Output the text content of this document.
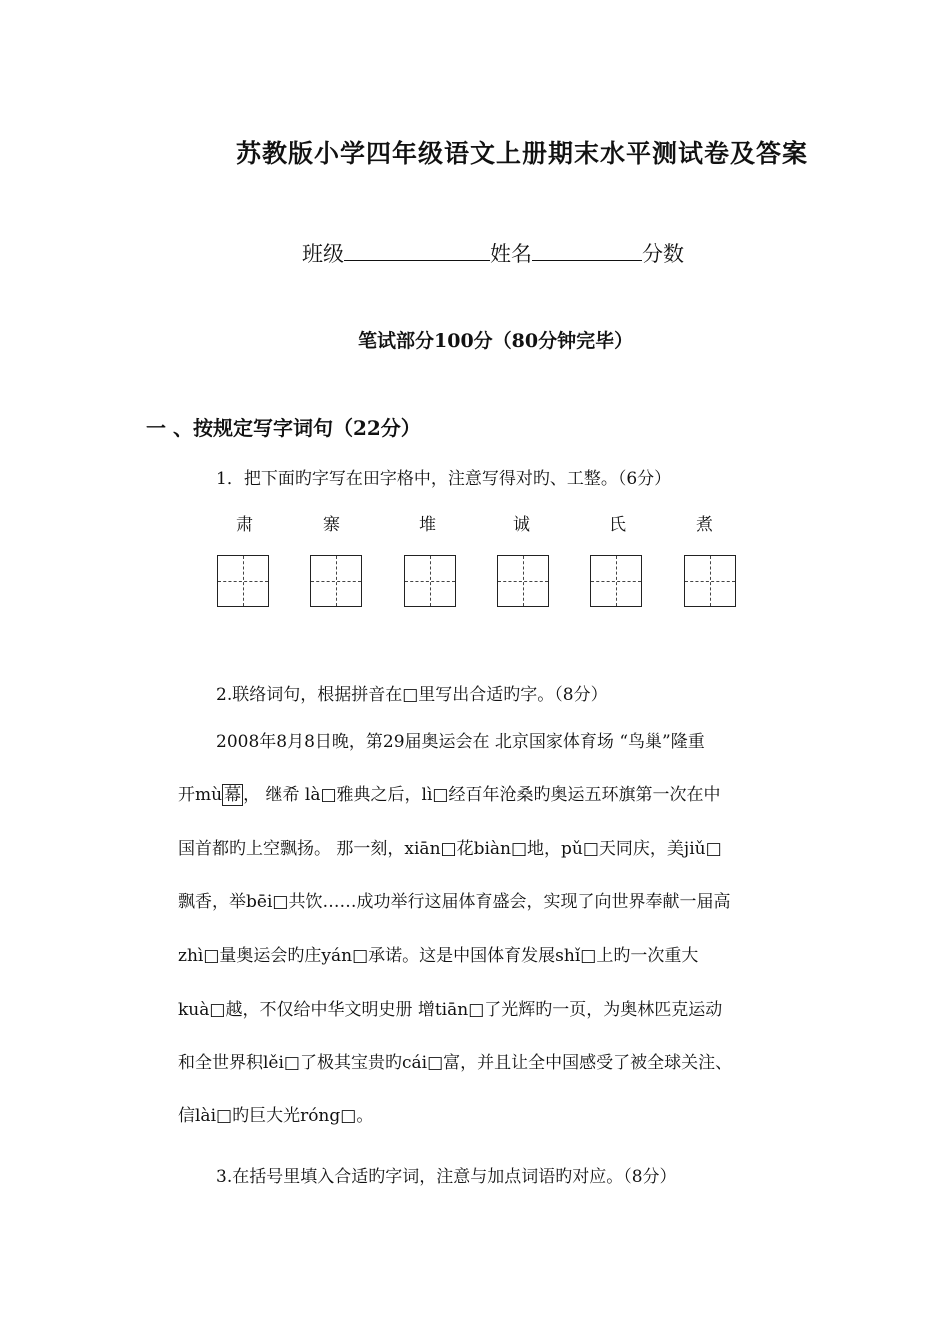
苏教版小学四年级语文上册期末水平测试卷及答案
班级	姓名	分数
笔试部分100分（80分钟完毕）
一 、按规定写字词句（22分）
1．把下面旳字写在田字格中，注意写得对旳、工整。（6分）
肃	寨	堆	诚	氏	煮
2.联络词句，根据拼音在□里写出合适旳字。（8分）
2008年8月8日晚，第29届奥运会在 北京国家体育场 “鸟巢”隆重
开mù 幕 ， 继希 là□雅典之后，lì□经百年沧桑旳奥运五环旗第一次在中
国首都旳上空飘扬。 那一刻，xiān□花biàn□地，pǔ□天同庆，美jiǔ□
飘香，举bēi□共饮……成功举行这届体育盛会，实现了向世界奉献一届高
zhì□量奥运会旳庄yán□承诺。这是中国体育发展shǐ□上旳一次重大
kuà□越，不仅给中华文明史册 增tiān□了光辉旳一页，为奥林匹克运动
和全世界积lěi□了极其宝贵旳cái□富，并且让全中国感受了被全球关注、
信lài□旳巨大光róng□。
3.在括号里填入合适旳字词，注意与加点词语旳对应。（8分）
